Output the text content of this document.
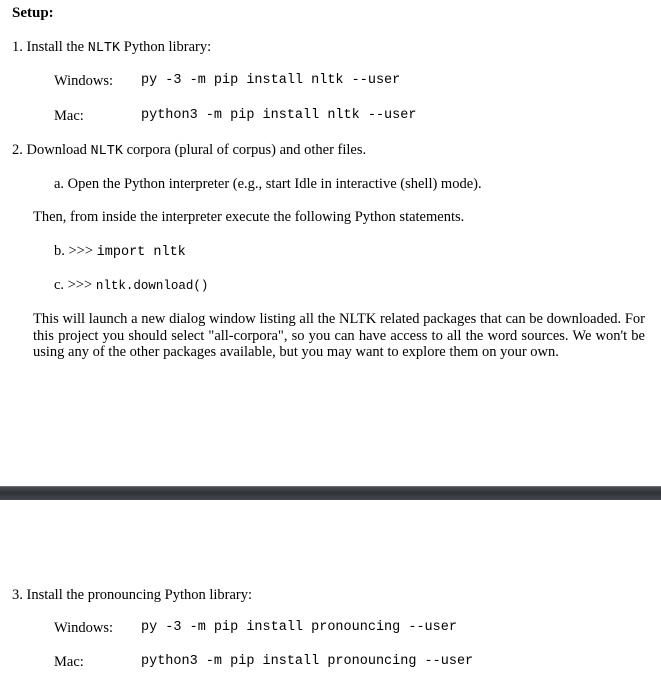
Setup:
1. Install the NLTK Python library:
Windows: py -3 -m pip install nltk --user
Mac:	python3 -m pip install nltk --user
2. Download NLTK corpora (plural of corpus) and other files.
a. Open the Python interpreter (e.g., start Idle in interactive (shell) mode).
Then, from inside the interpreter execute the following Python statements.
b. >>> import nltk
c. >>> nltk.download()
This will launch a new dialog window listing all the NLTK related packages that can be downloaded. For this project you should select "all-corpora", so you can have access to all the word sources. We won't be using any of the other packages available, but you may want to explore them on your own.
3. Install the pronouncing Python library:
Windows: py -3 -m pip install pronouncing --user
Mac:	python3 -m pip install pronouncing --user
